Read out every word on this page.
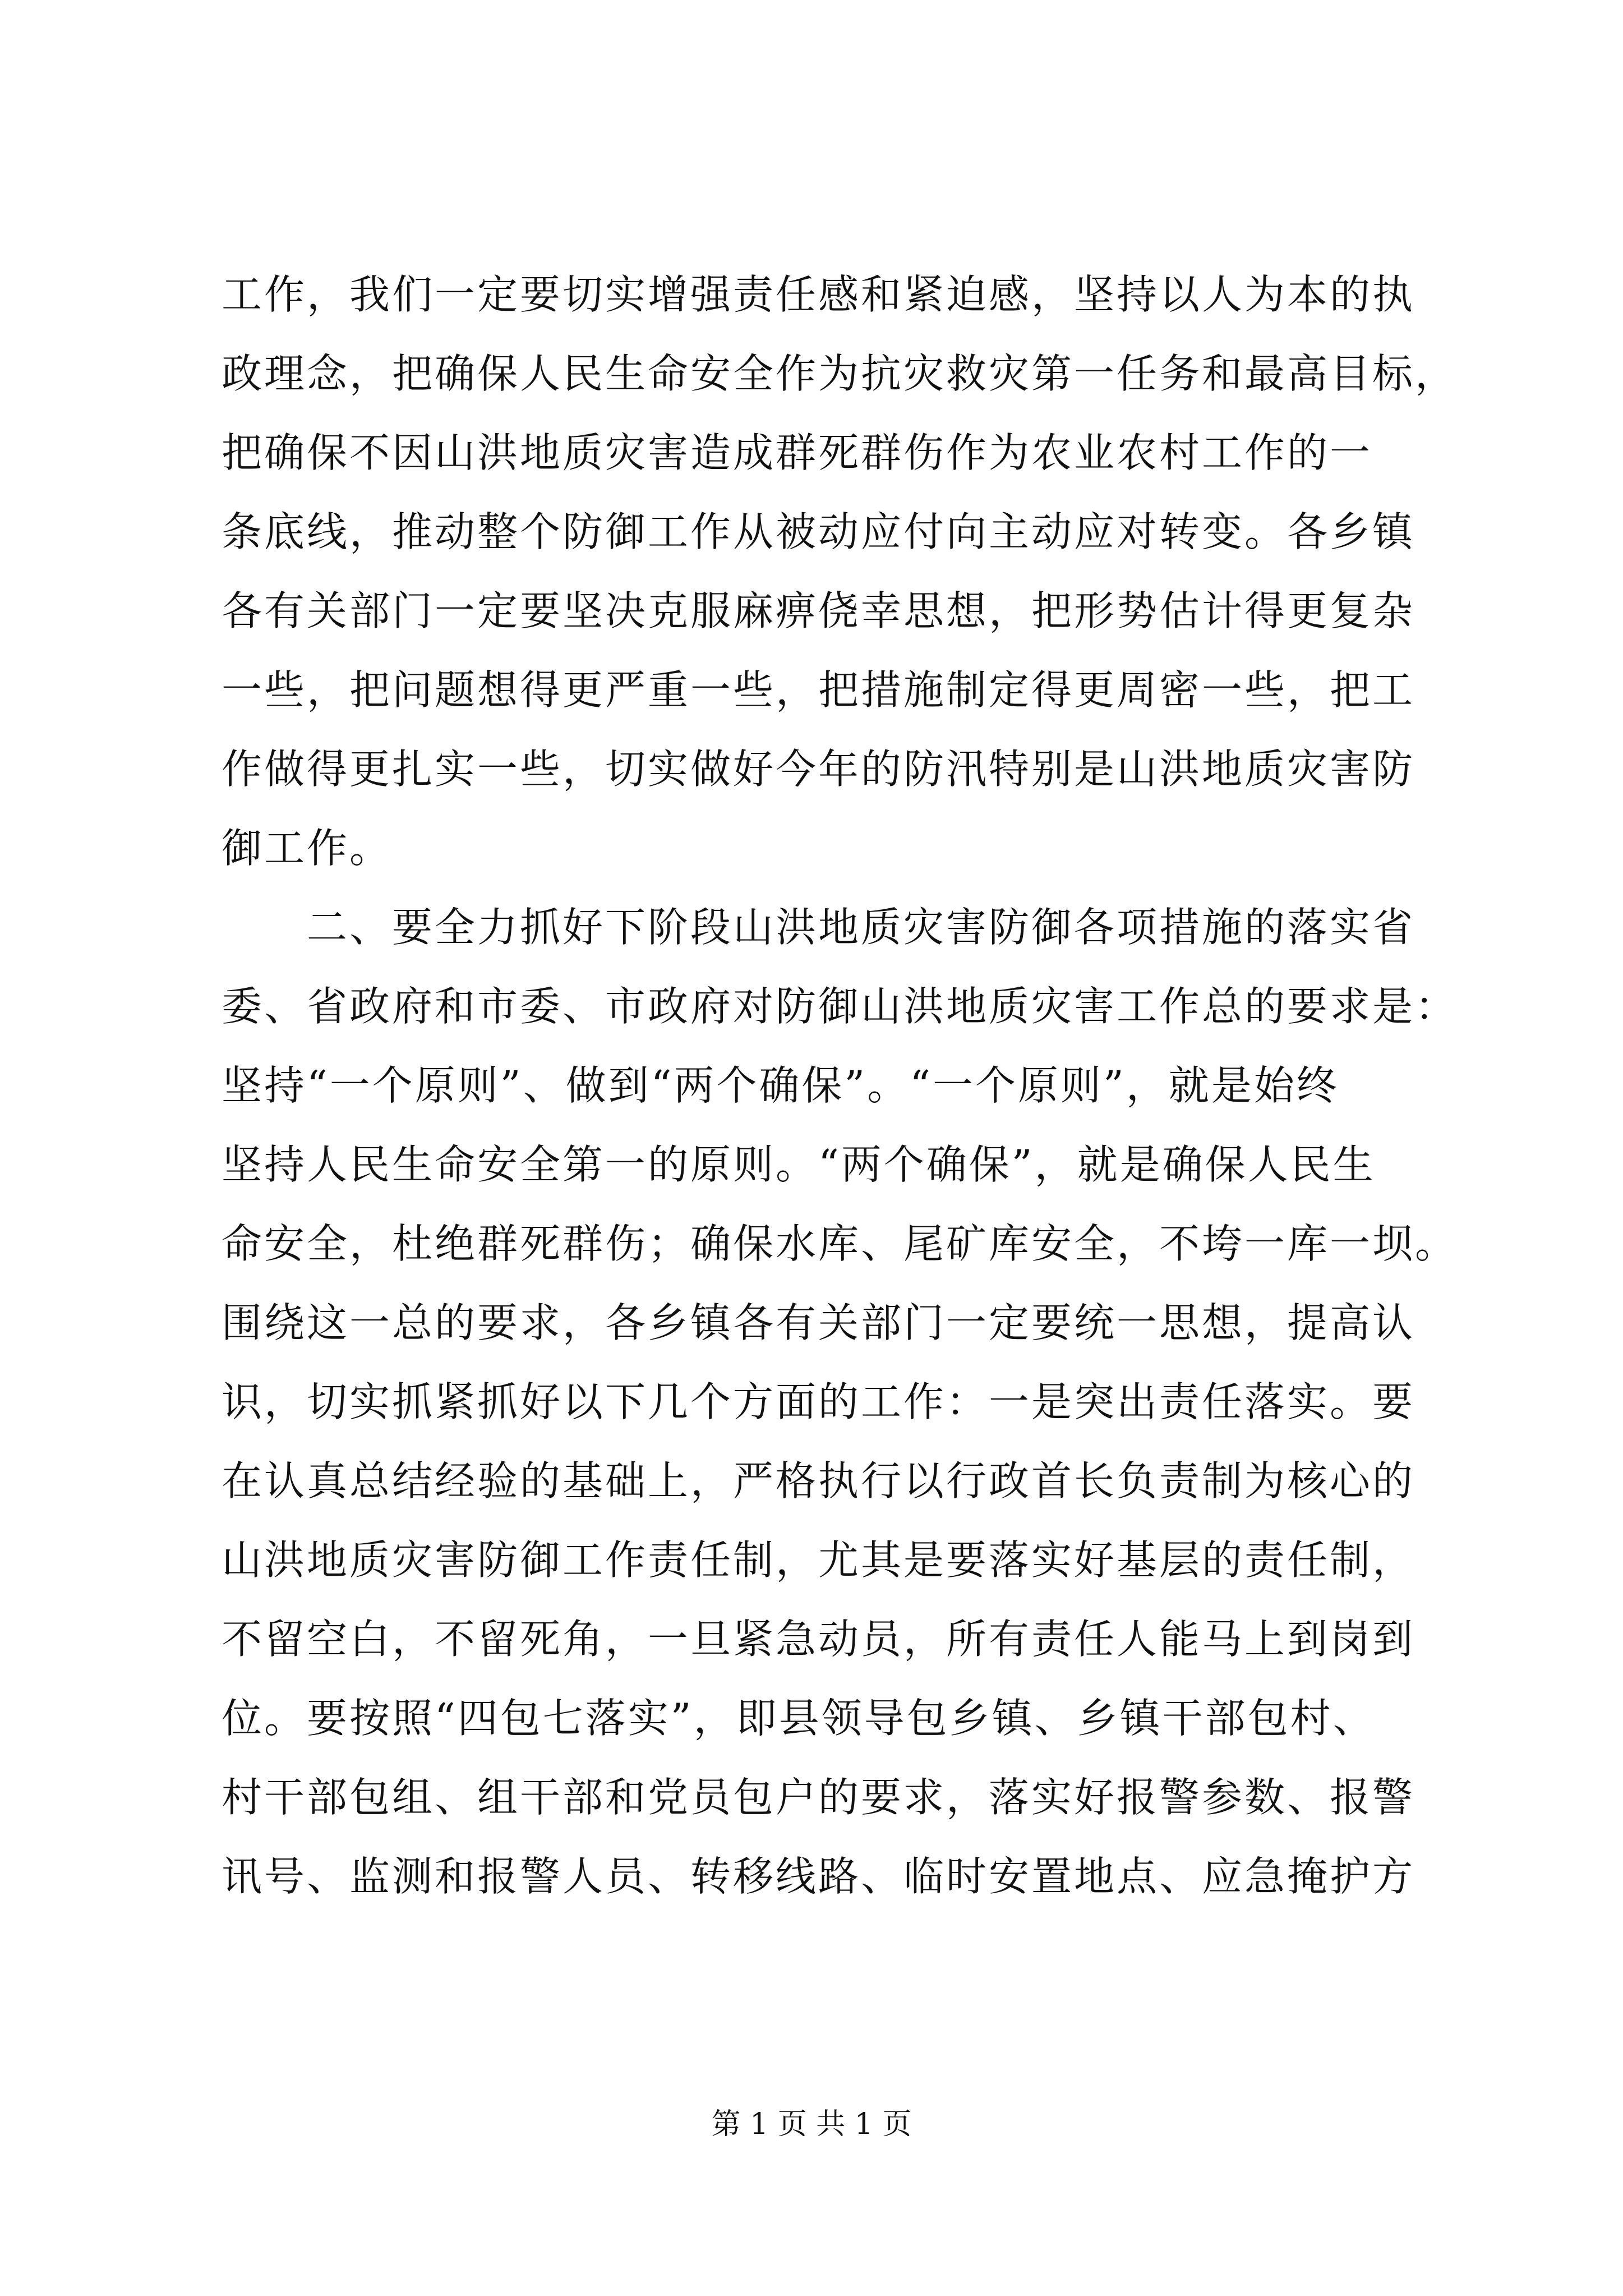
工作，我们一定要切实增强责任感和紧迫感，坚持以人为本的执
政理念，把确保人民生命安全作为抗灾救灾第一任务和最高目标，
把确保不因山洪地质灾害造成群死群伤作为农业农村工作的一
条底线，推动整个防御工作从被动应付向主动应对转变。各乡镇
各有关部门一定要坚决克服麻痹侥幸思想，把形势估计得更复杂
一些，把问题想得更严重一些，把措施制定得更周密一些，把工
作做得更扎实一些，切实做好今年的防汛特别是山洪地质灾害防
御工作。
　　二、要全力抓好下阶段山洪地质灾害防御各项措施的落实省
委、省政府和市委、市政府对防御山洪地质灾害工作总的要求是：
坚持“一个原则”、做到“两个确保”。“一个原则”，就是始终
坚持人民生命安全第一的原则。“两个确保”，就是确保人民生
命安全，杜绝群死群伤；确保水库、尾矿库安全，不垮一库一坝。
围绕这一总的要求，各乡镇各有关部门一定要统一思想，提高认
识，切实抓紧抓好以下几个方面的工作：一是突出责任落实。要
在认真总结经验的基础上，严格执行以行政首长负责制为核心的
山洪地质灾害防御工作责任制，尤其是要落实好基层的责任制，
不留空白，不留死角，一旦紧急动员，所有责任人能马上到岗到
位。要按照“四包七落实”，即县领导包乡镇、乡镇干部包村、
村干部包组、组干部和党员包户的要求，落实好报警参数、报警
讯号、监测和报警人员、转移线路、临时安置地点、应急掩护方
第 1 页 共 1 页
